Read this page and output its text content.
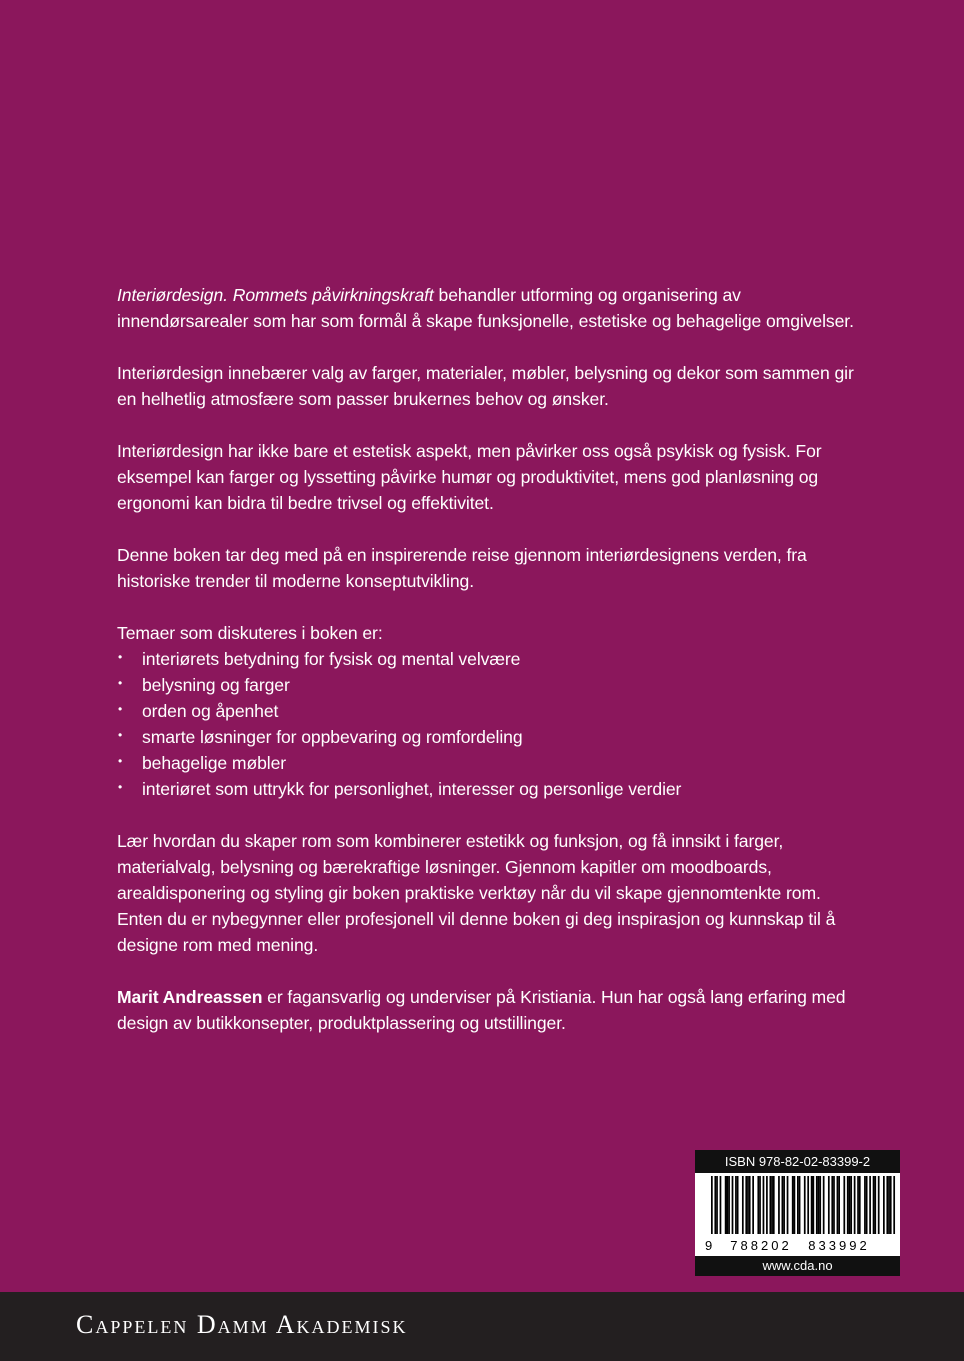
Interiørdesign. Rommets påvirkningskraft behandler utforming og organisering av innendørsarealer som har som formål å skape funksjonelle, estetiske og behagelige omgivelser.

Interiørdesign innebærer valg av farger, materialer, møbler, belysning og dekor som sammen gir en helhetlig atmosfære som passer brukernes behov og ønsker.

Interiørdesign har ikke bare et estetisk aspekt, men påvirker oss også psykisk og fysisk. For eksempel kan farger og lyssetting påvirke humør og produktivitet, mens god planløsning og ergonomi kan bidra til bedre trivsel og effektivitet.

Denne boken tar deg med på en inspirerende reise gjennom interiørdesignens verden, fra historiske trender til moderne konseptutvikling.

Temaer som diskuteres i boken er:

• interiørets betydning for fysisk og mental velvære
• belysning og farger
• orden og åpenhet
• smarte løsninger for oppbevaring og romfordeling
• behagelige møbler
• interiøret som uttrykk for personlighet, interesser og personlige verdier

Lær hvordan du skaper rom som kombinerer estetikk og funksjon, og få innsikt i farger, materialvalg, belysning og bærekraftige løsninger. Gjennom kapitler om moodboards, arealdisponering og styling gir boken praktiske verktøy når du vil skape gjennomtenkte rom. Enten du er nybegynner eller profesjonell vil denne boken gi deg inspirasjon og kunnskap til å designe rom med mening.

Marit Andreassen er fagansvarlig og underviser på Kristiania. Hun har også lang erfaring med design av butikkonsepter, produktplassering og utstillinger.

ISBN 978-82-02-83399-2
9 788202 833992
www.cda.no
Cappelen Damm Akademisk
